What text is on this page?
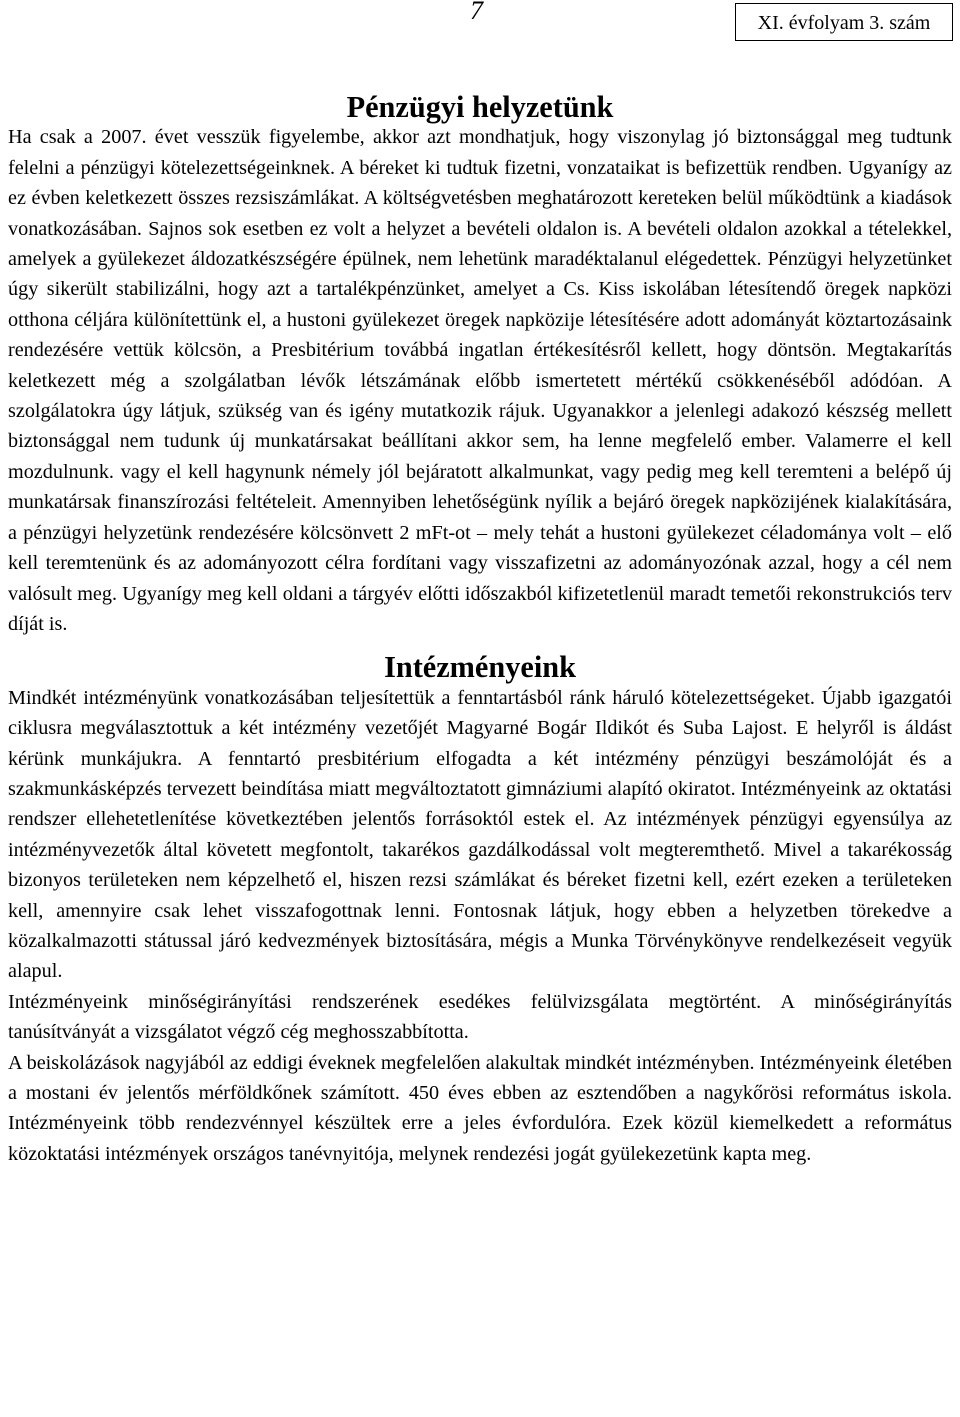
7	XI. évfolyam 3. szám
Pénzügyi helyzetünk

Ha csak a 2007. évet vesszük figyelembe, akkor azt mondhatjuk, hogy viszonylag jó biztonsággal meg tudtunk felelni a pénzügyi kötelezettségeinknek. A béreket ki tudtuk fizetni, vonzataikat is befizettük rendben. Ugyanígy az ez évben keletkezett összes rezsiszámlákat. A költségvetésben meghatározott kereteken belül működtünk a kiadások vonatkozásában. Sajnos sok esetben ez volt a helyzet a bevételi oldalon is. A bevételi oldalon azokkal a tételekkel, amelyek a gyülekezet áldozatkészségére épülnek, nem lehetünk maradéktalanul elégedettek. Pénzügyi helyzetünket úgy sikerült stabilizálni, hogy azt a tartalékpénzünket, amelyet a Cs. Kiss iskolában létesítendő öregek napközi otthona céljára különítettünk el, a hustoni gyülekezet öregek napközije létesítésére adott adományát köztartozásaink rendezésére vettük kölcsön, a Presbitérium továbbá ingatlan értékesítésről kellett, hogy döntsön. Megtakarítás keletkezett még a szolgálatban lévők létszámának előbb ismertetett mértékű csökkenéséből adódóan. A szolgálatokra úgy látjuk, szükség van és igény mutatkozik rájuk. Ugyanakkor a jelenlegi adakozó készség mellett biztonsággal nem tudunk új munkatársakat beállítani akkor sem, ha lenne megfelelő ember. Valamerre el kell mozdulnunk. vagy el kell hagynunk némely jól bejáratott alkalmunkat, vagy pedig meg kell teremteni a belépő új munkatársak finanszírozási feltételeit. Amennyiben lehetőségünk nyílik a bejáró öregek napközijének kialakítására, a pénzügyi helyzetünk rendezésére kölcsönvett 2 mFt-ot – mely tehát a hustoni gyülekezet céladománya volt – elő kell teremtenünk és az adományozott célra fordítani vagy visszafizetni az adományozónak azzal, hogy a cél nem valósult meg. Ugyanígy meg kell oldani a tárgyév előtti időszakból kifizetetlenül maradt temetői rekonstrukciós terv díját is.

Intézményeink

Mindkét intézményünk vonatkozásában teljesítettük a fenntartásból ránk háruló kötelezettségeket. Újabb igazgatói ciklusra megválasztottuk a két intézmény vezetőjét Magyarné Bogár Ildikót és Suba Lajost. E helyről is áldást kérünk munkájukra. A fenntartó presbitérium elfogadta a két intézmény pénzügyi beszámolóját és a szakmunkásképzés tervezett beindítása miatt megváltoztatott gimnáziumi alapító okiratot. Intézményeink az oktatási rendszer ellehetetlenítése következtében jelentős forrásoktól estek el. Az intézmények pénzügyi egyensúlya az intézményvezetők által követett megfontolt, takarékos gazdálkodással volt megteremthető. Mivel a takarékosság bizonyos területeken nem képzelhető el, hiszen rezsi számlákat és béreket fizetni kell, ezért ezeken a területeken kell, amennyire csak lehet visszafogottnak lenni. Fontosnak látjuk, hogy ebben a helyzetben törekedve a közalkalmazotti státussal járó kedvezmények biztosítására, mégis a Munka Törvénykönyve rendelkezéseit vegyük alapul.

Intézményeink minőségirányítási rendszerének esedékes felülvizsgálata megtörtént. A minőségirányítás tanúsítványát a vizsgálatot végző cég meghosszabbította.

A beiskolázások nagyjából az eddigi éveknek megfelelően alakultak mindkét intézményben. Intézményeink életében a mostani év jelentős mérföldkőnek számított. 450 éves ebben az esztendőben a nagykőrösi református iskola. Intézményeink több rendezvénnyel készültek erre a jeles évfordulóra. Ezek közül kiemelkedett a református közoktatási intézmények országos tanévnyitója, melynek rendezési jogát gyülekezetünk kapta meg.
